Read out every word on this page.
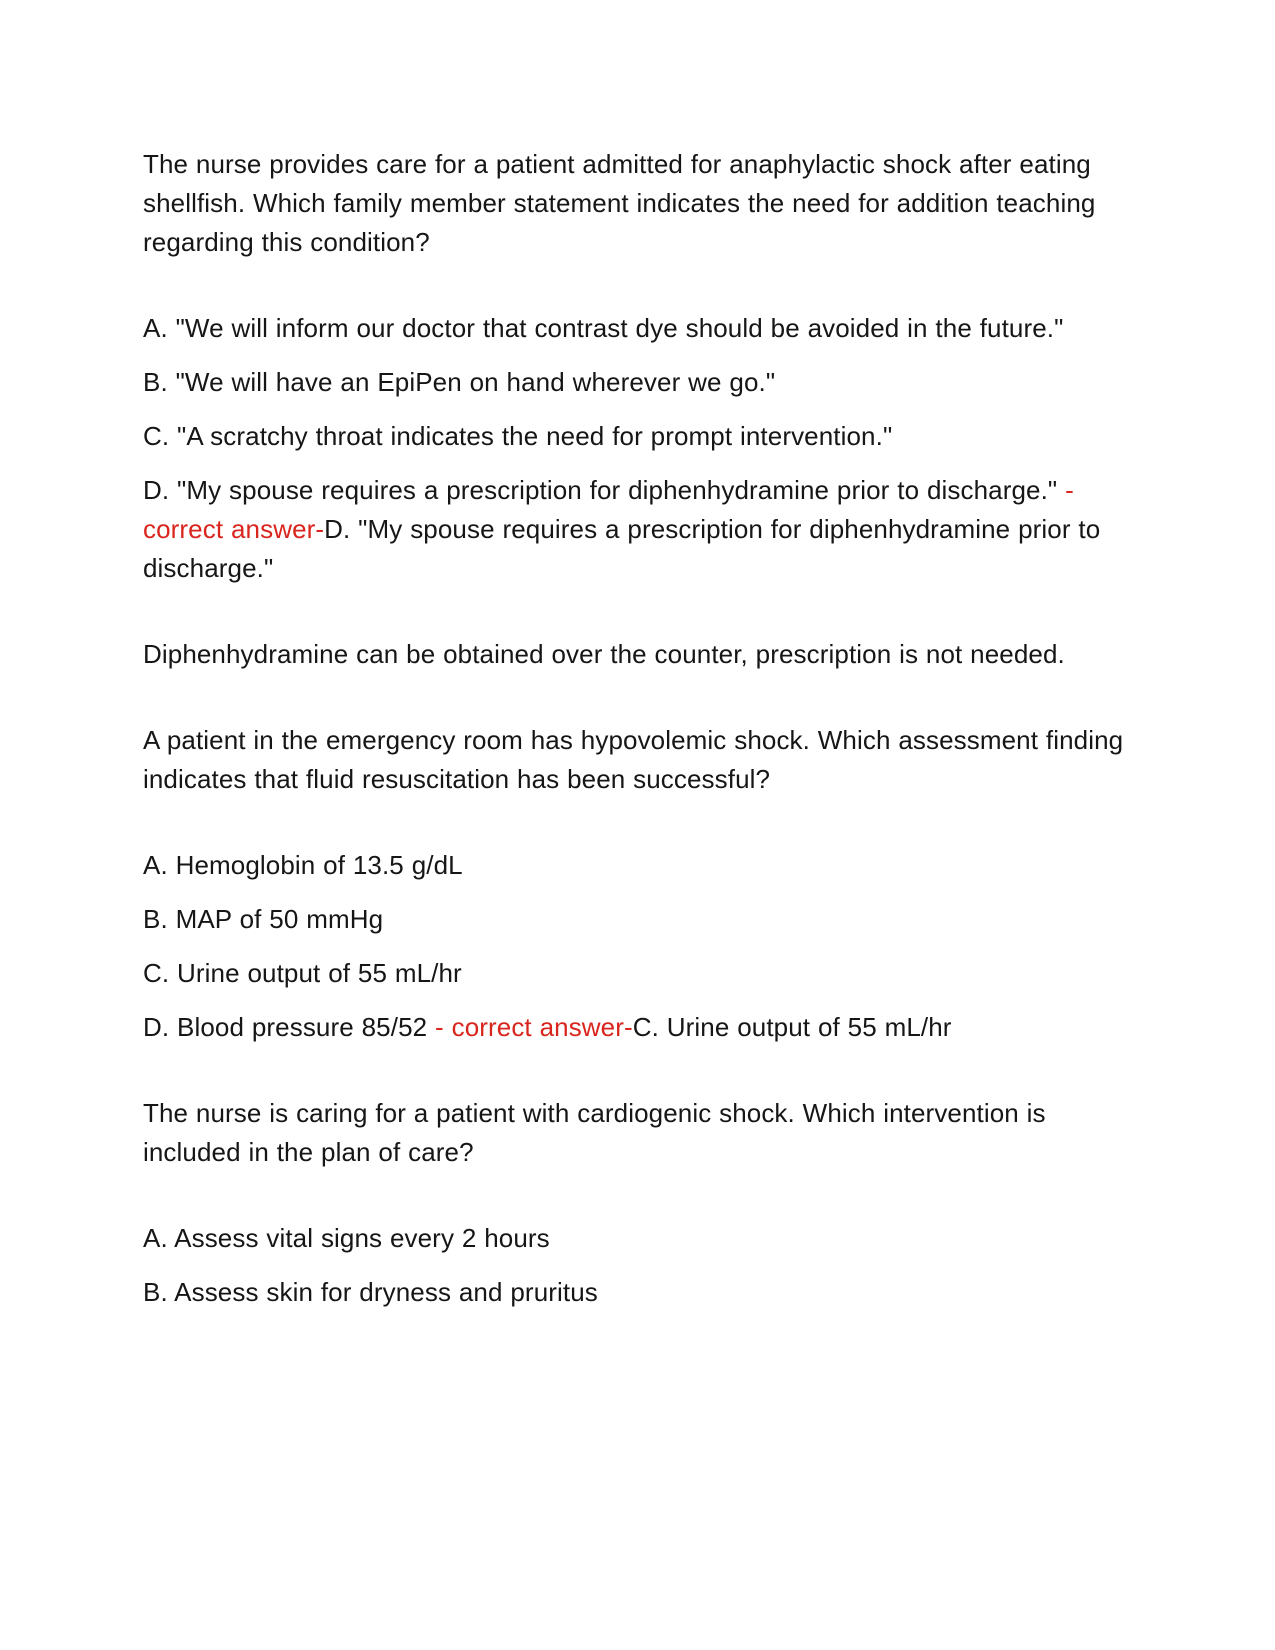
The nurse provides care for a patient admitted for anaphylactic shock after eating shellfish. Which family member statement indicates the need for addition teaching regarding this condition?

A. "We will inform our doctor that contrast dye should be avoided in the future."

B. "We will have an EpiPen on hand wherever we go."

C. "A scratchy throat indicates the need for prompt intervention."

D. "My spouse requires a prescription for diphenhydramine prior to discharge." - correct answer-D. "My spouse requires a prescription for diphenhydramine prior to discharge."

Diphenhydramine can be obtained over the counter, prescription is not needed.

A patient in the emergency room has hypovolemic shock. Which assessment finding indicates that fluid resuscitation has been successful?

A. Hemoglobin of 13.5 g/dL

B. MAP of 50 mmHg

C. Urine output of 55 mL/hr

D. Blood pressure 85/52 - correct answer-C. Urine output of 55 mL/hr

The nurse is caring for a patient with cardiogenic shock. Which intervention is included in the plan of care?

A. Assess vital signs every 2 hours

B. Assess skin for dryness and pruritus
